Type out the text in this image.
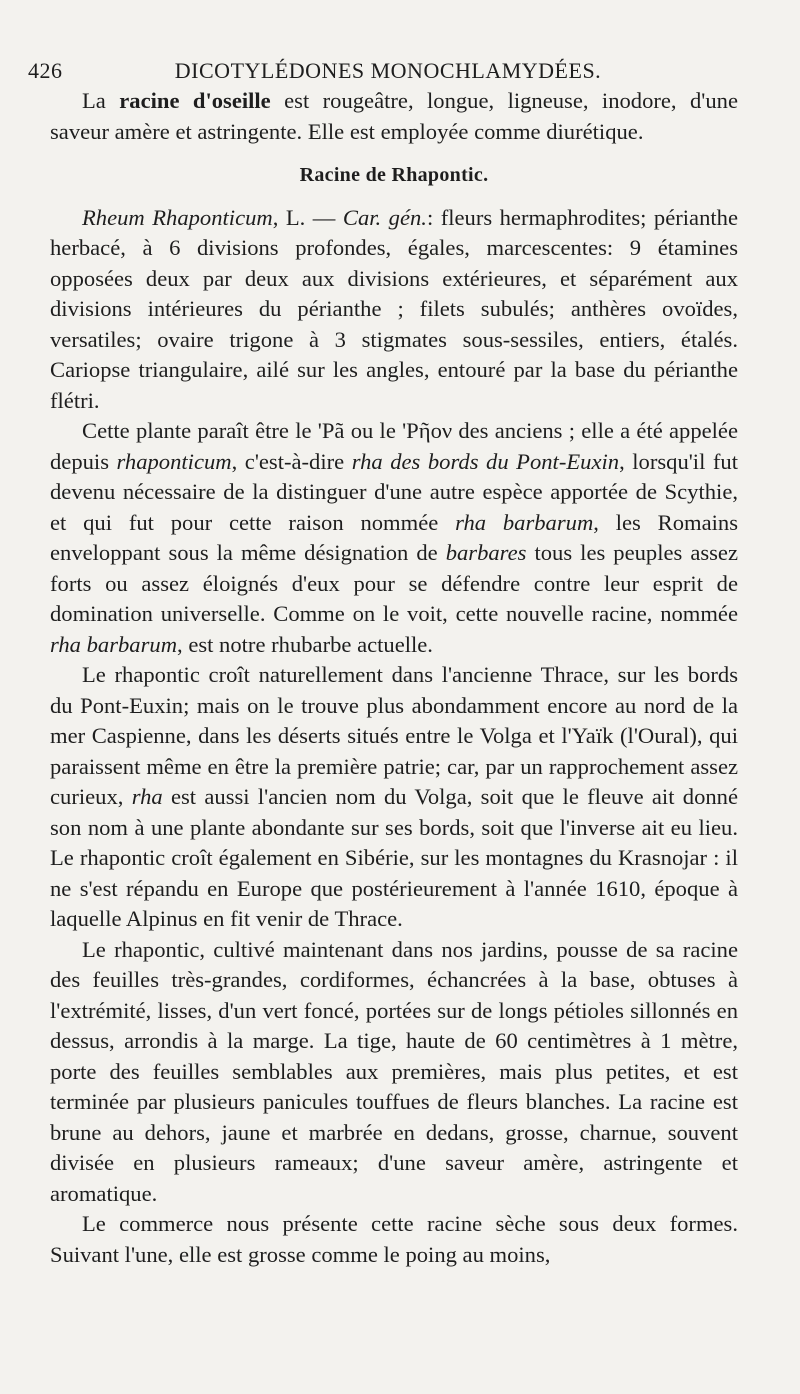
426	DICOTYLÉDONES MONOCHLAMYDÉES.

La racine d'oseille est rougeâtre, longue, ligneuse, inodore, d'une saveur amère et astringente. Elle est employée comme diurétique.

Racine de Rhapontic.

Rheum Rhaponticum, L. — Car. gén.: fleurs hermaphrodites; périanthe herbacé, à 6 divisions profondes, égales, marcescentes: 9 étamines opposées deux par deux aux divisions extérieures, et séparément aux divisions intérieures du périanthe ; filets subulés; anthères ovoïdes, versatiles; ovaire trigone à 3 stigmates sous-sessiles, entiers, étalés. Cariopse triangulaire, ailé sur les angles, entouré par la base du périanthe flétri.

Cette plante paraît être le 'Pã ou le 'Pῆον des anciens ; elle a été appelée depuis rhaponticum, c'est-à-dire rha des bords du Pont-Euxin, lorsqu'il fut devenu nécessaire de la distinguer d'une autre espèce apportée de Scythie, et qui fut pour cette raison nommée rha barbarum, les Romains enveloppant sous la même désignation de barbares tous les peuples assez forts ou assez éloignés d'eux pour se défendre contre leur esprit de domination universelle. Comme on le voit, cette nouvelle racine, nommée rha barbarum, est notre rhubarbe actuelle.

Le rhapontic croît naturellement dans l'ancienne Thrace, sur les bords du Pont-Euxin; mais on le trouve plus abondamment encore au nord de la mer Caspienne, dans les déserts situés entre le Volga et l'Yaïk (l'Oural), qui paraissent même en être la première patrie; car, par un rapprochement assez curieux, rha est aussi l'ancien nom du Volga, soit que le fleuve ait donné son nom à une plante abondante sur ses bords, soit que l'inverse ait eu lieu. Le rhapontic croît également en Sibérie, sur les montagnes du Krasnojar : il ne s'est répandu en Europe que postérieurement à l'année 1610, époque à laquelle Alpinus en fit venir de Thrace.

Le rhapontic, cultivé maintenant dans nos jardins, pousse de sa racine des feuilles très-grandes, cordiformes, échancrées à la base, obtuses à l'extrémité, lisses, d'un vert foncé, portées sur de longs pétioles sillonnés en dessus, arrondis à la marge. La tige, haute de 60 centimètres à 1 mètre, porte des feuilles semblables aux premières, mais plus petites, et est terminée par plusieurs panicules touffues de fleurs blanches. La racine est brune au dehors, jaune et marbrée en dedans, grosse, charnue, souvent divisée en plusieurs rameaux; d'une saveur amère, astringente et aromatique.

Le commerce nous présente cette racine sèche sous deux formes. Suivant l'une, elle est grosse comme le poing au moins,
